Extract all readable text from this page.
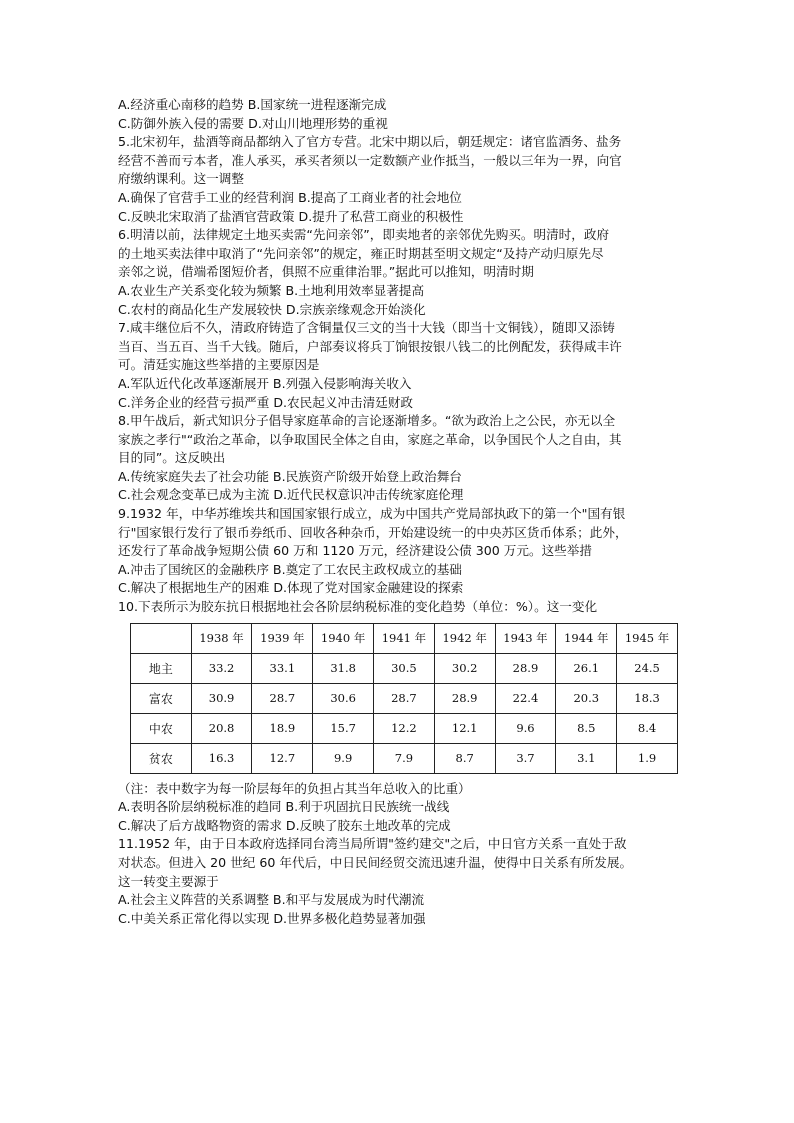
A.经济重心南移的趋势 B.国家统一进程逐渐完成
C.防御外族入侵的需要 D.对山川地理形势的重视
5.北宋初年，盐酒等商品都纳入了官方专营。北宋中期以后，朝廷规定：诸官监酒务、盐务
经营不善而亏本者，准人承买，承买者须以一定数额产业作抵当，一般以三年为一界，向官
府缴纳课利。这一调整
A.确保了官营手工业的经营利润 B.提高了工商业者的社会地位
C.反映北宋取消了盐酒官营政策 D.提升了私营工商业的积极性
6.明清以前，法律规定土地买卖需“先问亲邻”，即卖地者的亲邻优先购买。明清时，政府
的土地买卖法律中取消了“先问亲邻”的规定，雍正时期甚至明文规定“及持产动归原先尽
亲邻之说，借端希图短价者，俱照不应重律治罪。”据此可以推知，明清时期
A.农业生产关系变化较为频繁 B.土地利用效率显著提高
C.农村的商品化生产发展较快 D.宗族亲缘观念开始淡化
7.咸丰继位后不久，清政府铸造了含铜量仅三文的当十大钱（即当十文铜钱），随即又添铸
当百、当五百、当千大钱。随后，户部奏议将兵丁饷银按银八钱二的比例配发，获得咸丰许
可。清廷实施这些举措的主要原因是
A.军队近代化改革逐渐展开 B.列强入侵影响海关收入
C.洋务企业的经营亏损严重 D.农民起义冲击清廷财政
8.甲午战后，新式知识分子倡导家庭革命的言论逐渐增多。“欲为政治上之公民，亦无以全
家族之孝行"“政治之革命，以争取国民全体之自由，家庭之革命，以争国民个人之自由，其
目的同”。这反映出
A.传统家庭失去了社会功能 B.民族资产阶级开始登上政治舞台
C.社会观念变革已成为主流 D.近代民权意识冲击传统家庭伦理
9.1932 年，中华苏维埃共和国国家银行成立，成为中国共产党局部执政下的第一个"国有银
行"国家银行发行了银币券纸币、回收各种杂币，开始建设统一的中央苏区货币体系；此外，
还发行了革命战争短期公债 60 万和 1120 万元，经济建设公债 300 万元。这些举措
A.冲击了国统区的金融秩序 B.奠定了工农民主政权成立的基础
C.解决了根据地生产的困难 D.体现了党对国家金融建设的探索
10.下表所示为胶东抗日根据地社会各阶层纳税标准的变化趋势（单位：%）。这一变化
	1938 年	1939 年	1940 年	1941 年	1942 年	1943 年	1944 年	1945 年
地主	33.2	33.1	31.8	30.5	30.2	28.9	26.1	24.5
富农	30.9	28.7	30.6	28.7	28.9	22.4	20.3	18.3
中农	20.8	18.9	15.7	12.2	12.1	9.6	8.5	8.4
贫农	16.3	12.7	9.9	7.9	8.7	3.7	3.1	1.9
（注：表中数字为每一阶层每年的负担占其当年总收入的比重）
A.表明各阶层纳税标准的趋同 B.利于巩固抗日民族统一战线
C.解决了后方战略物资的需求 D.反映了胶东土地改革的完成
11.1952 年，由于日本政府选择同台湾当局所谓"签约建交"之后，中日官方关系一直处于敌
对状态。但进入 20 世纪 60 年代后，中日民间经贸交流迅速升温，使得中日关系有所发展。
这一转变主要源于
A.社会主义阵营的关系调整 B.和平与发展成为时代潮流
C.中美关系正常化得以实现 D.世界多极化趋势显著加强
